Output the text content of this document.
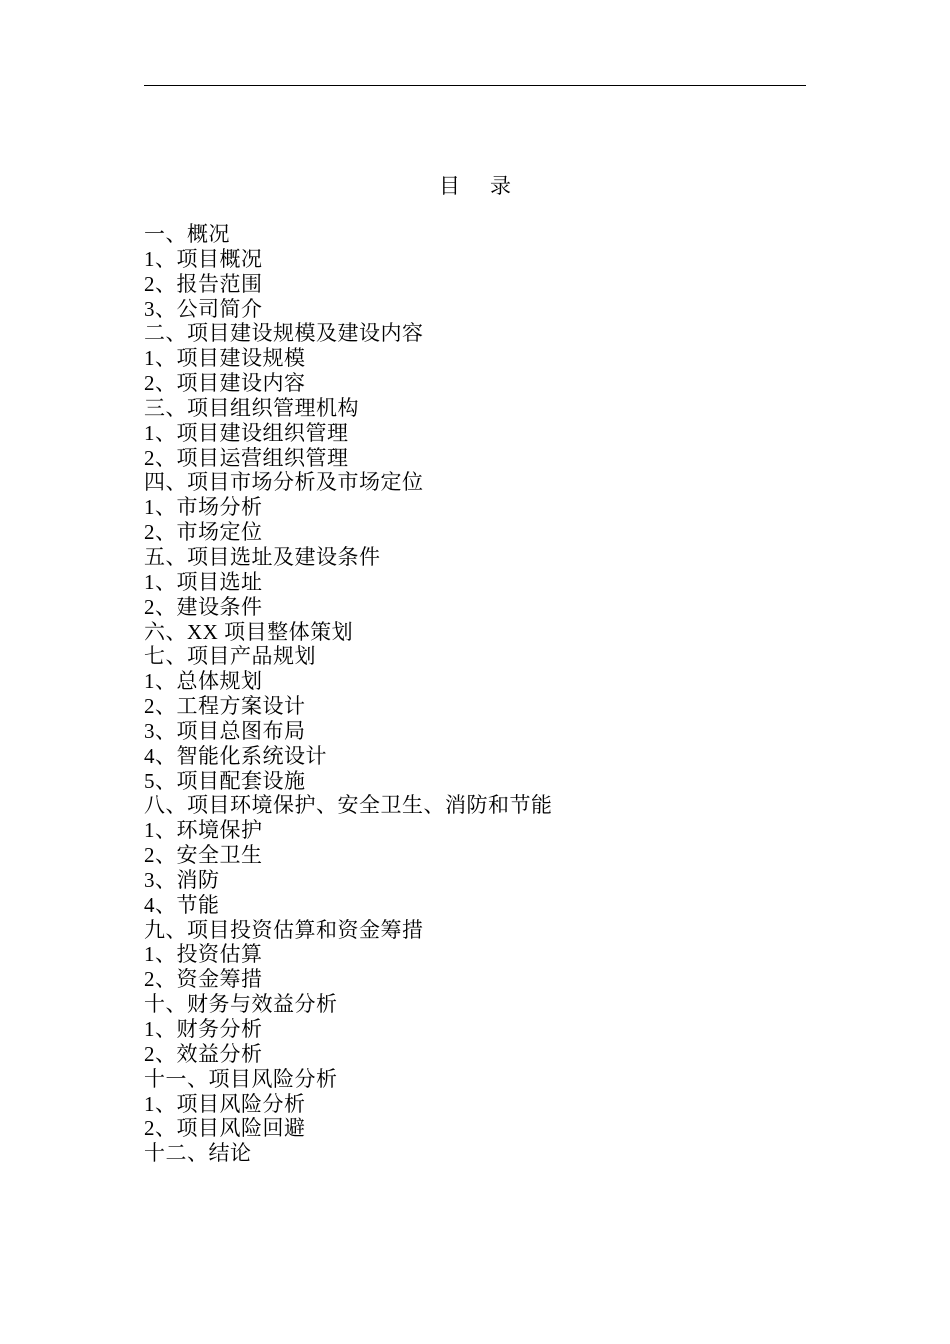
目 录
一、概况
1、项目概况
2、报告范围
3、公司简介
二、项目建设规模及建设内容
1、项目建设规模
2、项目建设内容
三、项目组织管理机构
1、项目建设组织管理
2、项目运营组织管理
四、项目市场分析及市场定位
1、市场分析
2、市场定位
五、项目选址及建设条件
1、项目选址
2、建设条件
六、XX 项目整体策划
七、项目产品规划
1、总体规划
2、工程方案设计
3、项目总图布局
4、智能化系统设计
5、项目配套设施
八、项目环境保护、安全卫生、消防和节能
1、环境保护
2、安全卫生
3、消防
4、节能
九、项目投资估算和资金筹措
1、投资估算
2、资金筹措
十、财务与效益分析
1、财务分析
2、效益分析
十一、项目风险分析
1、项目风险分析
2、项目风险回避
十二、结论
